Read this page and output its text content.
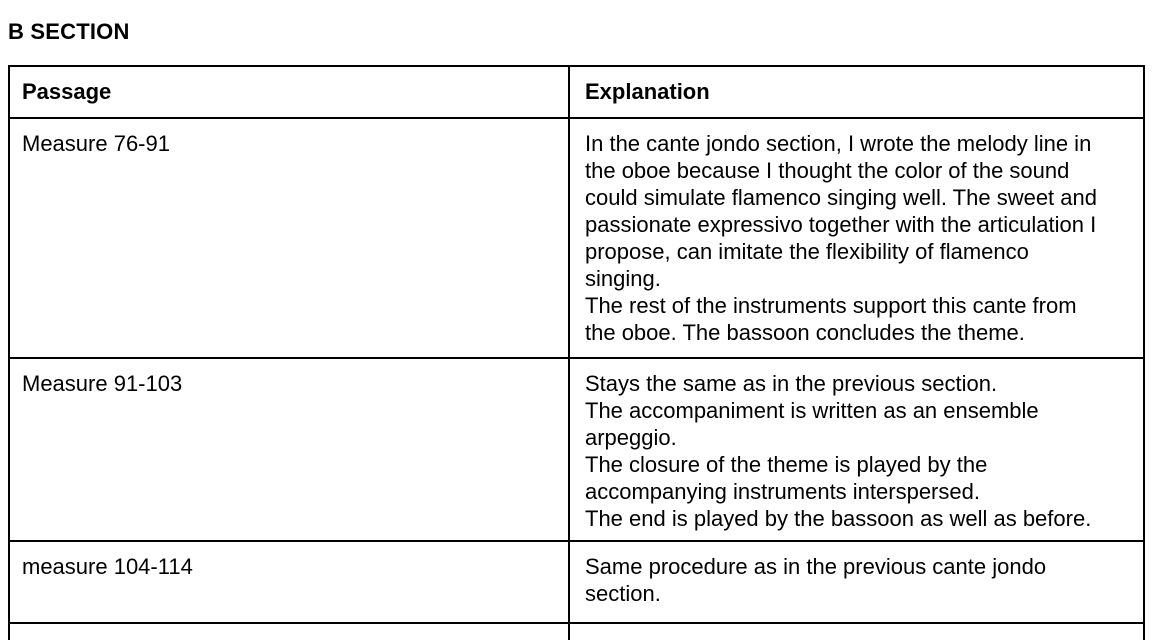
B SECTION
Passage	Explanation

Measure 76-91	In the cante jondo section, I wrote the melody line in
the oboe because I thought the color of the sound
could simulate flamenco singing well. The sweet and
passionate expressivo together with the articulation I
propose, can imitate the flexibility of flamenco
singing.
The rest of the instruments support this cante from
the oboe. The bassoon concludes the theme.

Measure 91-103	Stays the same as in the previous section.
The accompaniment is written as an ensemble
arpeggio.
The closure of the theme is played by the
accompanying instruments interspersed.
The end is played by the bassoon as well as before.

measure 104-114	Same procedure as in the previous cante jondo
section.
